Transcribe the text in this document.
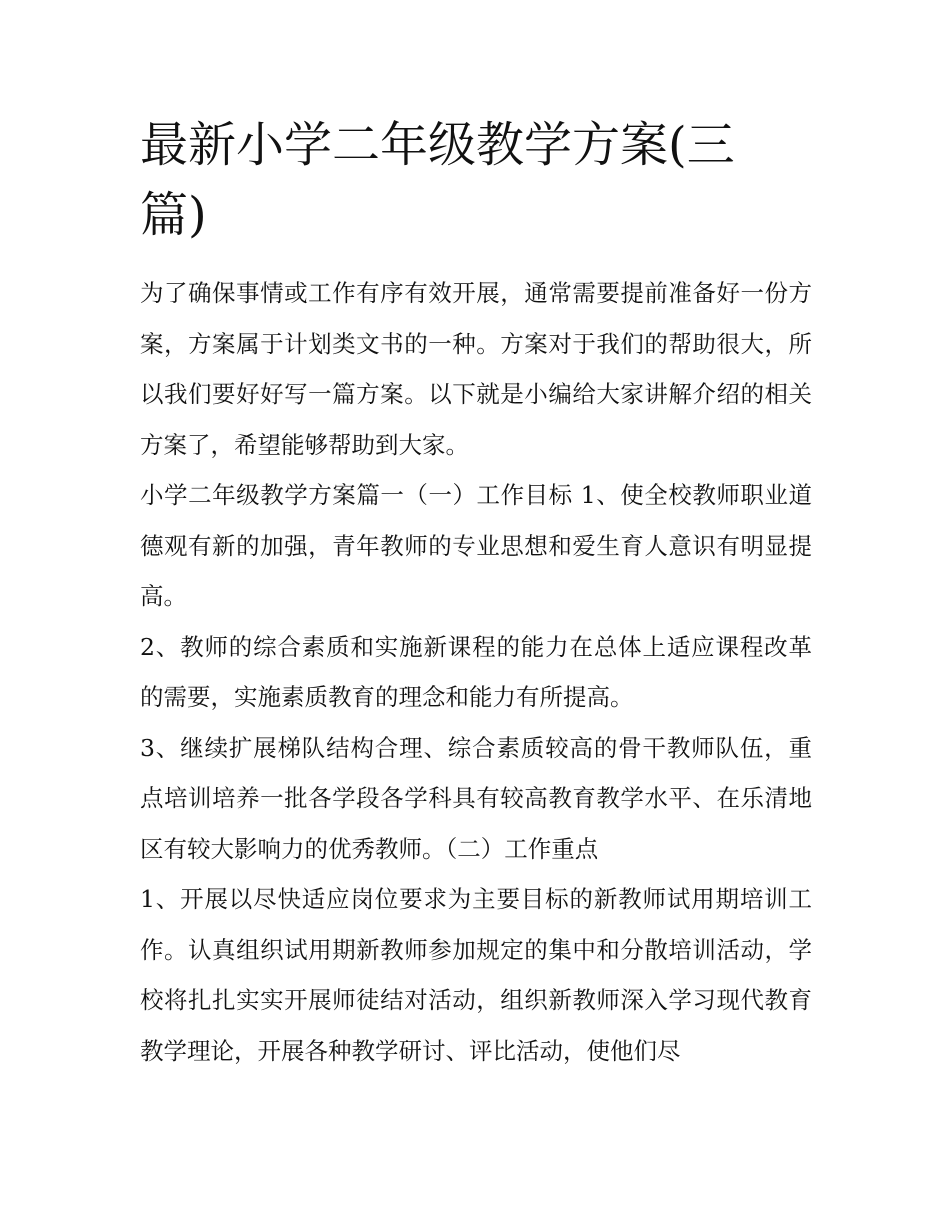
最新小学二年级教学方案(三篇)

为了确保事情或工作有序有效开展，通常需要提前准备好一份方案，方案属于计划类文书的一种。方案对于我们的帮助很大，所以我们要好好写一篇方案。以下就是小编给大家讲解介绍的相关方案了，希望能够帮助到大家。

小学二年级教学方案篇一（一）工作目标 1、使全校教师职业道德观有新的加强，青年教师的专业思想和爱生育人意识有明显提高。

2、教师的综合素质和实施新课程的能力在总体上适应课程改革的需要，实施素质教育的理念和能力有所提高。

3、继续扩展梯队结构合理、综合素质较高的骨干教师队伍，重点培训培养一批各学段各学科具有较高教育教学水平、在乐清地区有较大影响力的优秀教师。（二）工作重点

1、开展以尽快适应岗位要求为主要目标的新教师试用期培训工作。认真组织试用期新教师参加规定的集中和分散培训活动，学校将扎扎实实开展师徒结对活动，组织新教师深入学习现代教育教学理论，开展各种教学研讨、评比活动，使他们尽
